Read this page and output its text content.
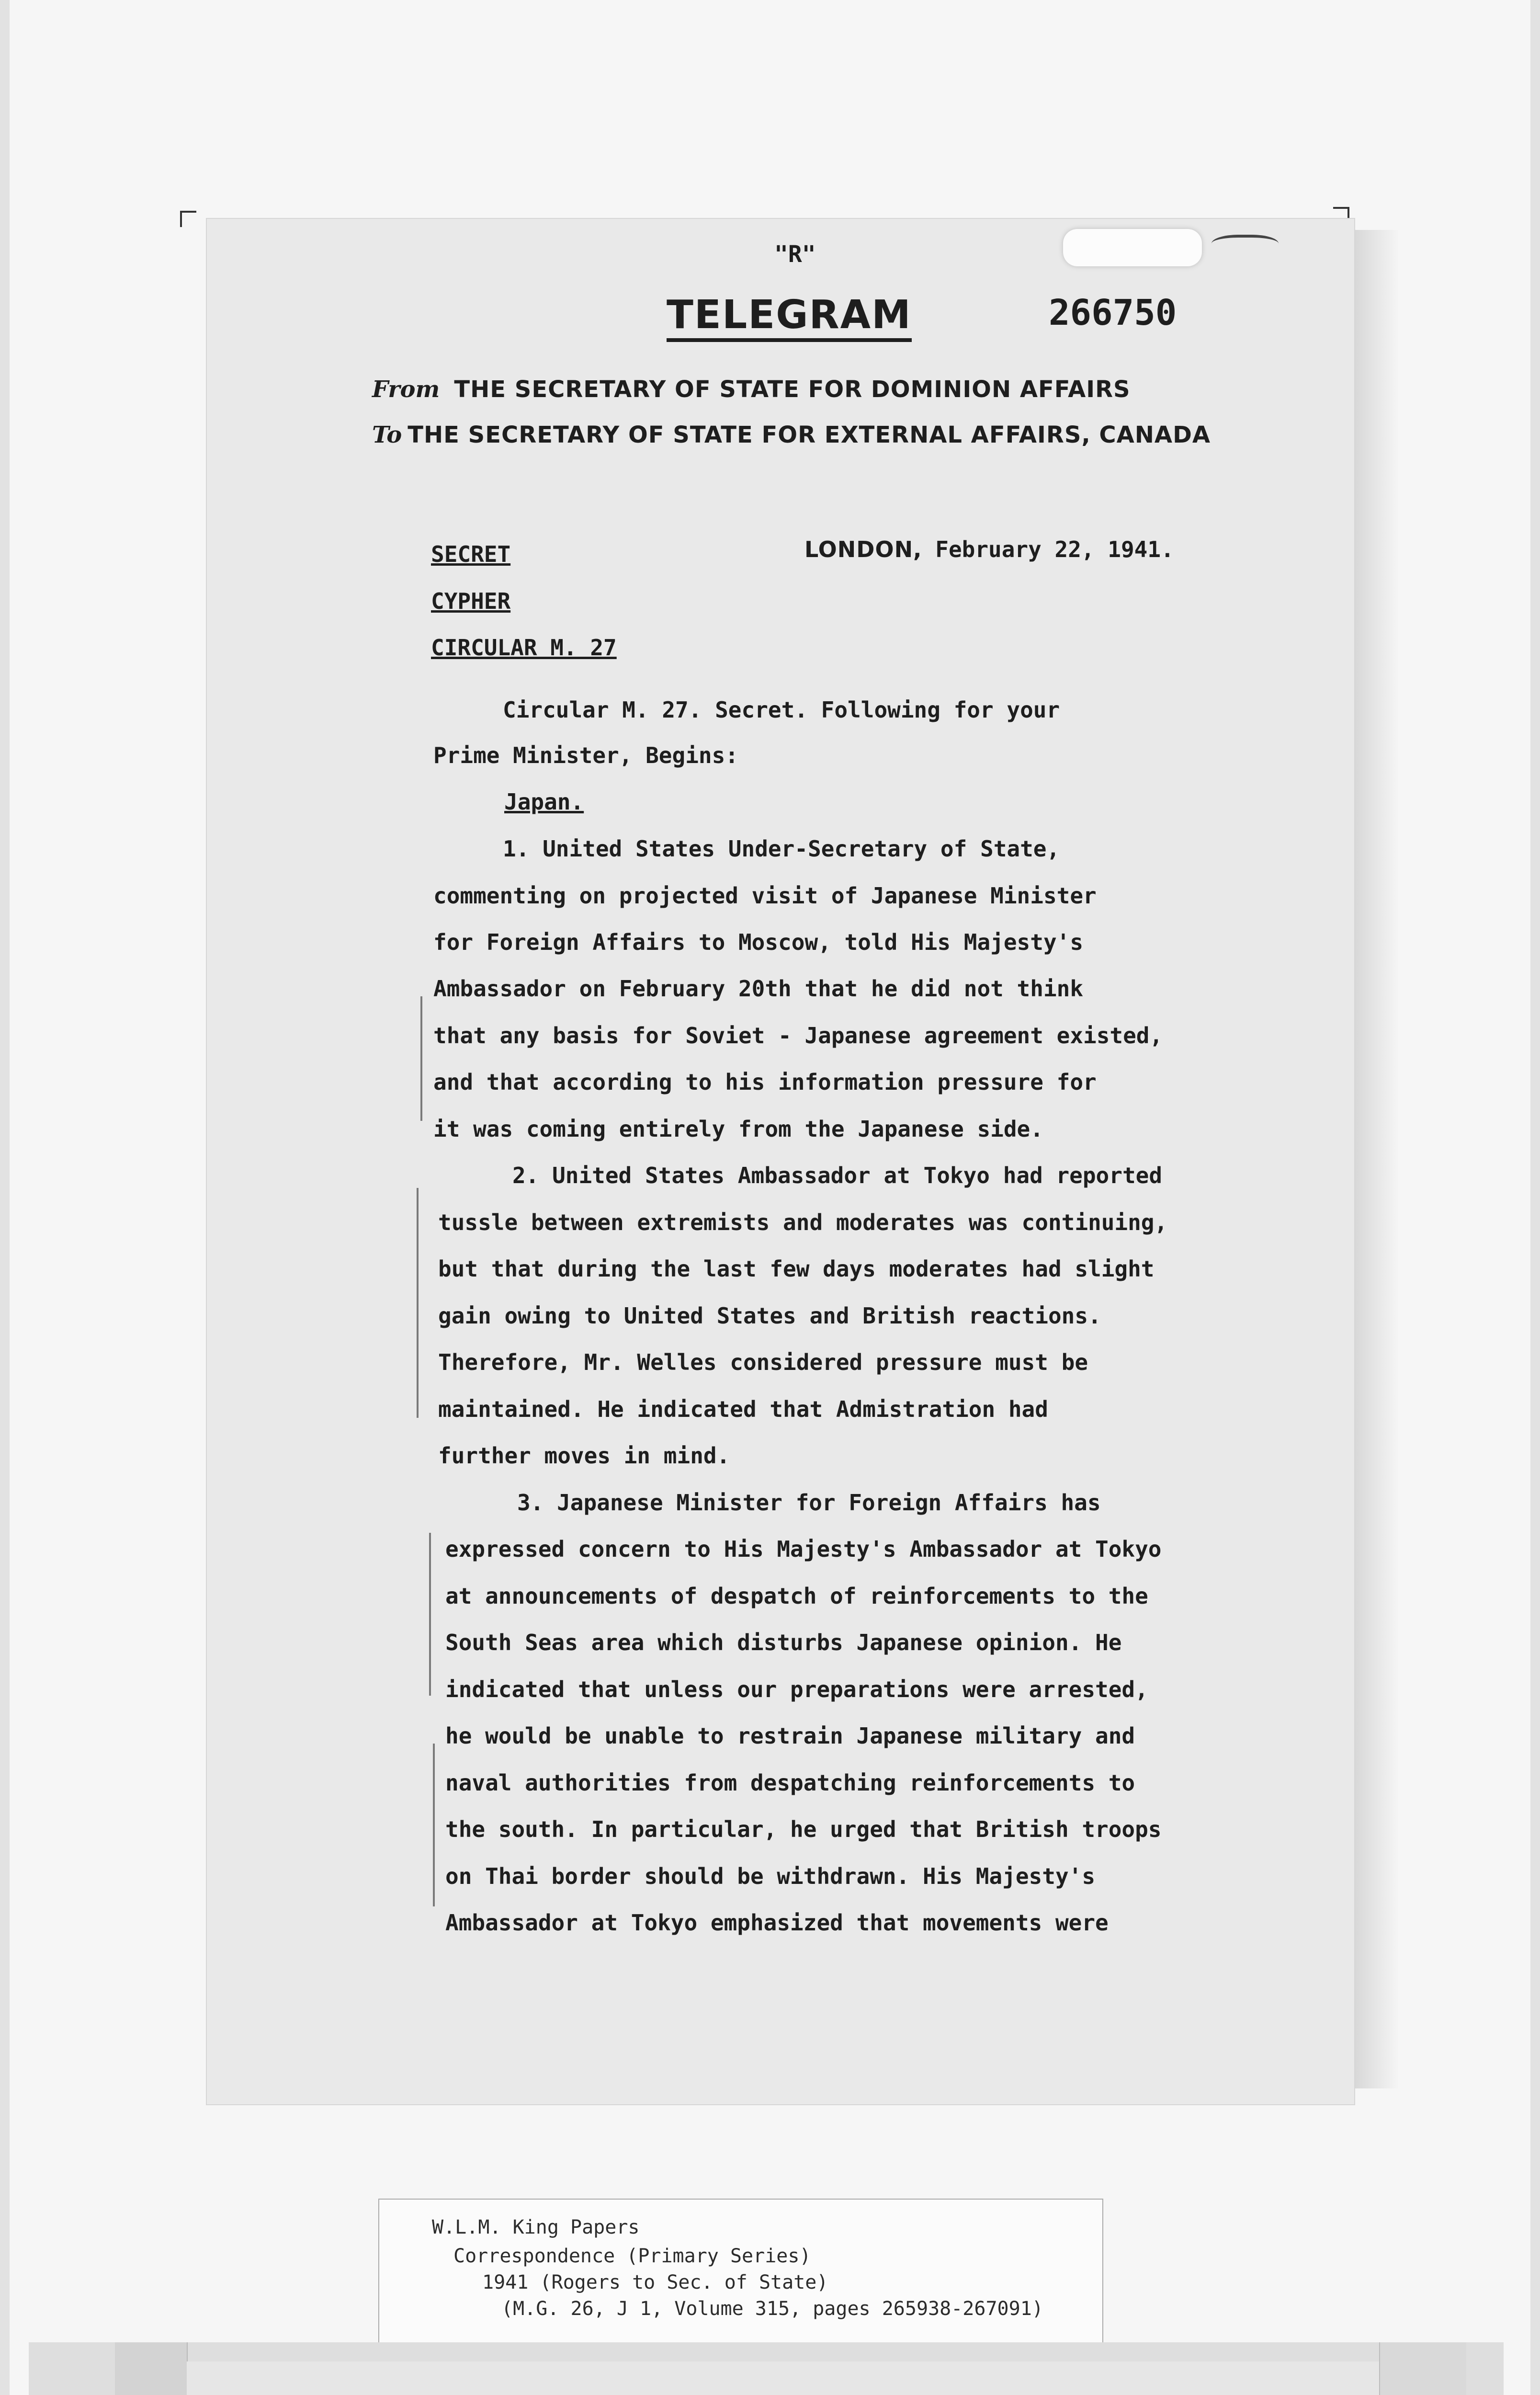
"R"
TELEGRAM	266750
From THE SECRETARY OF STATE FOR DOMINION AFFAIRS
To THE SECRETARY OF STATE FOR EXTERNAL AFFAIRS, CANADA
SECRET
CYPHER
CIRCULAR M. 27
LONDON, February 22, 1941.
Circular M. 27. Secret. Following for your
Prime Minister, Begins:
Japan.
1. United States Under-Secretary of State,
commenting on projected visit of Japanese Minister
for Foreign Affairs to Moscow, told His Majesty's
Ambassador on February 20th that he did not think
that any basis for Soviet - Japanese agreement existed,
and that according to his information pressure for
it was coming entirely from the Japanese side.
2. United States Ambassador at Tokyo had reported
tussle between extremists and moderates was continuing,
but that during the last few days moderates had slight
gain owing to United States and British reactions.
Therefore, Mr. Welles considered pressure must be
maintained. He indicated that Admistration had
further moves in mind.
3. Japanese Minister for Foreign Affairs has
expressed concern to His Majesty's Ambassador at Tokyo
at announcements of despatch of reinforcements to the
South Seas area which disturbs Japanese opinion. He
indicated that unless our preparations were arrested,
he would be unable to restrain Japanese military and
naval authorities from despatching reinforcements to
the south. In particular, he urged that British troops
on Thai border should be withdrawn. His Majesty's
Ambassador at Tokyo emphasized that movements were
W.L.M. King Papers
Correspondence (Primary Series)
1941 (Rogers to Sec. of State)
(M.G. 26, J 1, Volume 315, pages 265938-267091)
